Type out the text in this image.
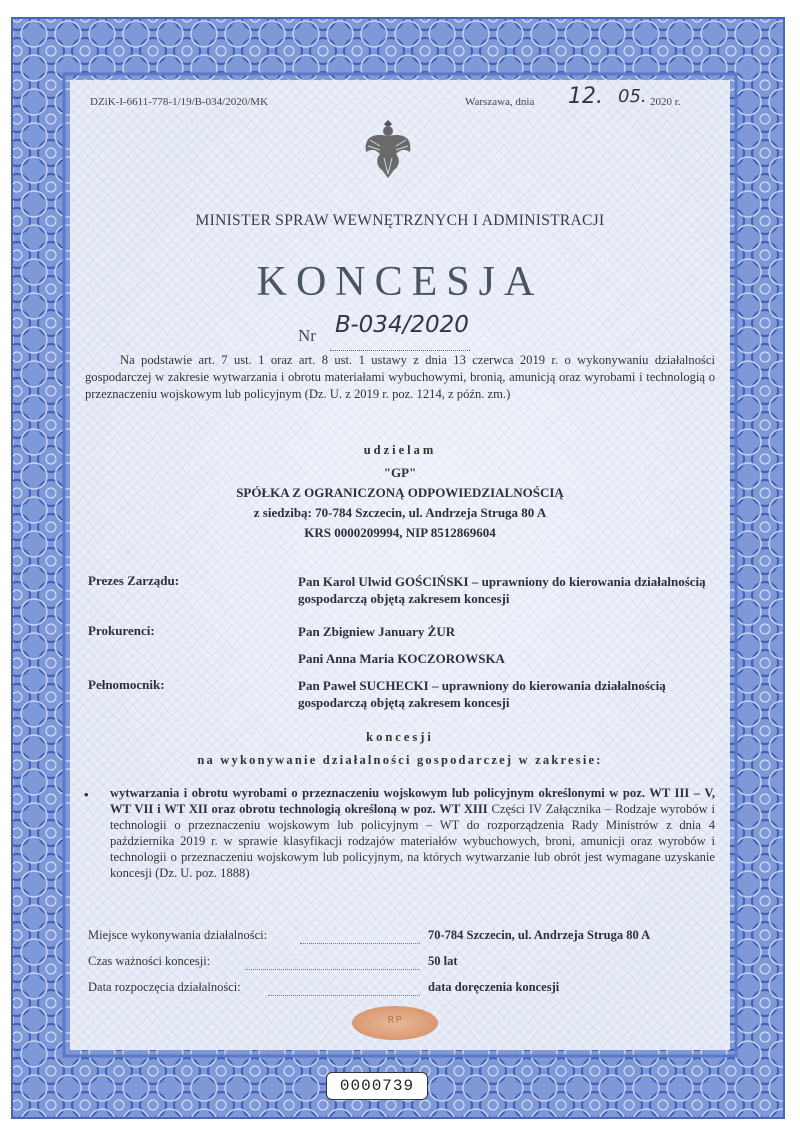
DZiK-I-6611-778-1/19/B-034/2020/MK	Warszawa, dnia 12. 05. 2020 r.
MINISTER SPRAW WEWNĘTRZNYCH I ADMINISTRACJI
KONCESJA
Nr B-034/2020
Na podstawie art. 7 ust. 1 oraz art. 8 ust. 1 ustawy z dnia 13 czerwca 2019 r. o wykonywaniu działalności gospodarczej w zakresie wytwarzania i obrotu materiałami wybuchowymi, bronią, amunicją oraz wyrobami i technologią o przeznaczeniu wojskowym lub policyjnym (Dz. U. z 2019 r. poz. 1214, z późn. zm.)
udzielam
"GP"
SPÓŁKA Z OGRANICZONĄ ODPOWIEDZIALNOŚCIĄ
z siedzibą: 70-784 Szczecin, ul. Andrzeja Struga 80 A
KRS 0000209994, NIP 8512869604
Prezes Zarządu:	Pan Karol Ulwid GOŚCIŃSKI – uprawniony do kierowania działalnością gospodarczą objętą zakresem koncesji
Prokurenci:	Pan Zbigniew January ŻUR
Pani Anna Maria KOCZOROWSKA
Pełnomocnik:	Pan Paweł SUCHECKI – uprawniony do kierowania działalnością gospodarczą objętą zakresem koncesji
koncesji
na wykonywanie działalności gospodarczej w zakresie:
• wytwarzania i obrotu wyrobami o przeznaczeniu wojskowym lub policyjnym określonymi w poz. WT III – V, WT VII i WT XII oraz obrotu technologią określoną w poz. WT XIII Części IV Załącznika – Rodzaje wyrobów i technologii o przeznaczeniu wojskowym lub policyjnym – WT do rozporządzenia Rady Ministrów z dnia 4 października 2019 r. w sprawie klasyfikacji rodzajów materiałów wybuchowych, broni, amunicji oraz wyrobów i technologii o przeznaczeniu wojskowym lub policyjnym, na których wytwarzanie lub obrót jest wymagane uzyskanie koncesji (Dz. U. poz. 1888)
Miejsce wykonywania działalności:	70-784 Szczecin, ul. Andrzeja Struga 80 A
Czas ważności koncesji:	50 lat
Data rozpoczęcia działalności:	data doręczenia koncesji
RP
0000739
